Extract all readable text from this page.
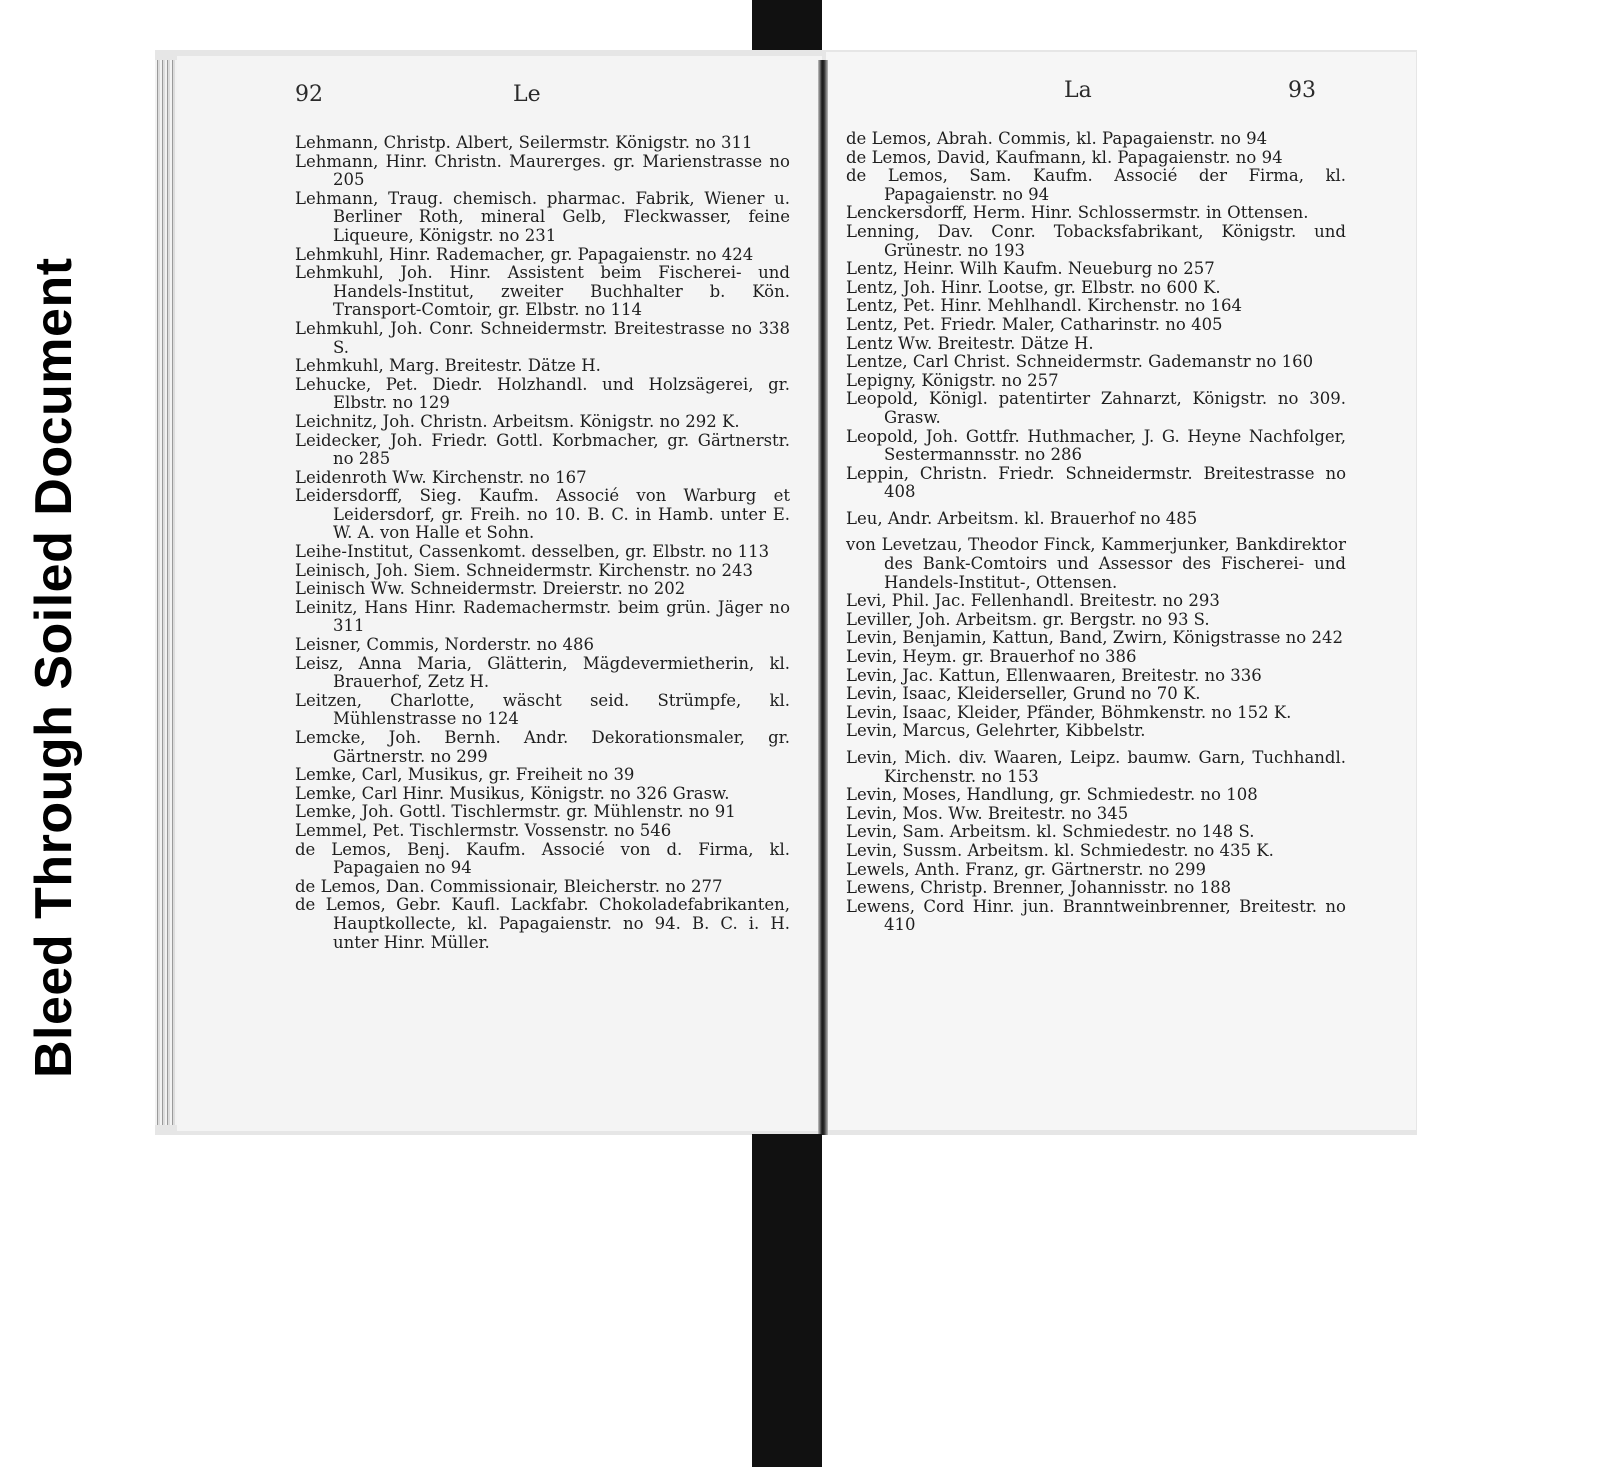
Bleed Through Soiled Document
92	Le
Lehmann, Christp. Albert, Seilermstr. Königstr. no 311
Lehmann, Hinr. Christn. Maurerges. gr. Marienstrasse no 205
Lehmann, Traug. chemisch. pharmac. Fabrik, Wiener u. Berliner Roth, mineral Gelb, Fleckwasser, feine Liqueure, Königstr. no 231
Lehmkuhl, Hinr. Rademacher, gr. Papagaienstr. no 424
Lehmkuhl, Joh. Hinr. Assistent beim Fischerei- und Handels-Institut, zweiter Buchhalter b. Kön. Transport-Comtoir, gr. Elbstr. no 114
Lehmkuhl, Joh. Conr. Schneidermstr. Breitestrasse no 338 S.
Lehmkuhl, Marg. Breitestr. Dätze H.
Lehucke, Pet. Diedr. Holzhandl. und Holzsägerei, gr. Elbstr. no 129
Leichnitz, Joh. Christn. Arbeitsm. Königstr. no 292 K.
Leidecker, Joh. Friedr. Gottl. Korbmacher, gr. Gärtnerstr. no 285
Leidenroth Ww. Kirchenstr. no 167
Leidersdorff, Sieg. Kaufm. Associé von Warburg et Leidersdorf, gr. Freih. no 10. B. C. in Hamb. unter E. W. A. von Halle et Sohn.
Leihe-Institut, Cassenkomt. desselben, gr. Elbstr. no 113
Leinisch, Joh. Siem. Schneidermstr. Kirchenstr. no 243
Leinisch Ww. Schneidermstr. Dreierstr. no 202
Leinitz, Hans Hinr. Rademachermstr. beim grün. Jäger no 311
Leisner, Commis, Norderstr. no 486
Leisz, Anna Maria, Glätterin, Mägdevermietherin, kl. Brauerhof, Zetz H.
Leitzen, Charlotte, wäscht seid. Strümpfe, kl. Mühlenstrasse no 124
Lemcke, Joh. Bernh. Andr. Dekorationsmaler, gr. Gärtnerstr. no 299
Lemke, Carl, Musikus, gr. Freiheit no 39
Lemke, Carl Hinr. Musikus, Königstr. no 326 Grasw.
Lemke, Joh. Gottl. Tischlermstr. gr. Mühlenstr. no 91
Lemmel, Pet. Tischlermstr. Vossenstr. no 546
de Lemos, Benj. Kaufm. Associé von d. Firma, kl. Papagaien no 94
de Lemos, Dan. Commissionair, Bleicherstr. no 277
de Lemos, Gebr. Kaufl. Lackfabr. Chokoladefabrikanten, Hauptkollecte, kl. Papagaienstr. no 94. B. C. i. H. unter Hinr. Müller.
La	93
de Lemos, Abrah. Commis, kl. Papagaienstr. no 94
de Lemos, David, Kaufmann, kl. Papagaienstr. no 94
de Lemos, Sam. Kaufm. Associé der Firma, kl. Papagaienstr. no 94
Lenckersdorff, Herm. Hinr. Schlossermstr. in Ottensen.
Lenning, Dav. Conr. Tobacksfabrikant, Königstr. und Grünestr. no 193
Lentz, Heinr. Wilh Kaufm. Neueburg no 257
Lentz, Joh. Hinr. Lootse, gr. Elbstr. no 600 K.
Lentz, Pet. Hinr. Mehlhandl. Kirchenstr. no 164
Lentz, Pet. Friedr. Maler, Catharinstr. no 405
Lentz Ww. Breitestr. Dätze H.
Lentze, Carl Christ. Schneidermstr. Gademanstr no 160
Lepigny, Königstr. no 257
Leopold, Königl. patentirter Zahnarzt, Königstr. no 309. Grasw.
Leopold, Joh. Gottfr. Huthmacher, J. G. Heyne Nachfolger, Sestermannsstr. no 286
Leppin, Christn. Friedr. Schneidermstr. Breitestrasse no 408
Leu, Andr. Arbeitsm. kl. Brauerhof no 485
von Levetzau, Theodor Finck, Kammerjunker, Bankdirektor des Bank-Comtoirs und Assessor des Fischerei- und Handels-Institut-, Ottensen.
Levi, Phil. Jac. Fellenhandl. Breitestr. no 293
Leviller, Joh. Arbeitsm. gr. Bergstr. no 93 S.
Levin, Benjamin, Kattun, Band, Zwirn, Königstrasse no 242
Levin, Heym. gr. Brauerhof no 386
Levin, Jac. Kattun, Ellenwaaren, Breitestr. no 336
Levin, Isaac, Kleiderseller, Grund no 70 K.
Levin, Isaac, Kleider, Pfänder, Böhmkenstr. no 152 K.
Levin, Marcus, Gelehrter, Kibbelstr.
Levin, Mich. div. Waaren, Leipz. baumw. Garn, Tuchhandl. Kirchenstr. no 153
Levin, Moses, Handlung, gr. Schmiedestr. no 108
Levin, Mos. Ww. Breitestr. no 345
Levin, Sam. Arbeitsm. kl. Schmiedestr. no 148 S.
Levin, Sussm. Arbeitsm. kl. Schmiedestr. no 435 K.
Lewels, Anth. Franz, gr. Gärtnerstr. no 299
Lewens, Christp. Brenner, Johannisstr. no 188
Lewens, Cord Hinr. jun. Branntweinbrenner, Breitestr. no 410
